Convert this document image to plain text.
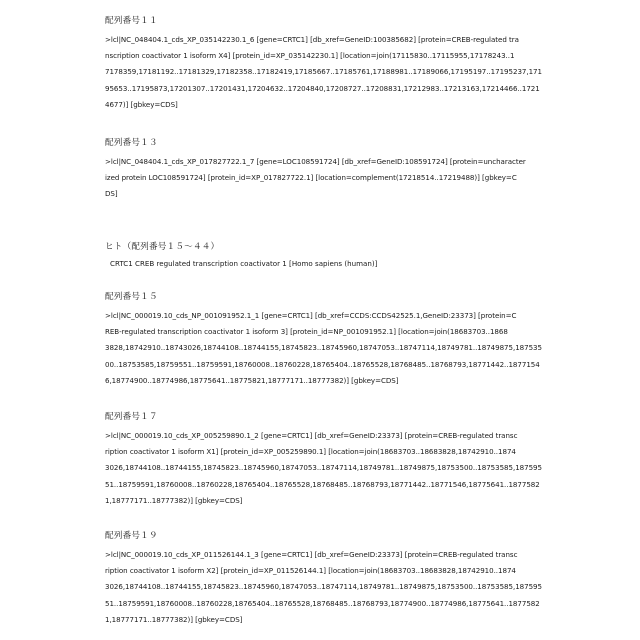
配列番号１１
>lcl|NC_048404.1_cds_XP_035142230.1_6 [gene=CRTC1] [db_xref=GeneID:100385682] [protein=CREB-regulated tra
nscription coactivator 1 isoform X4] [protein_id=XP_035142230.1] [location=join(17115830..17115955,17178243..1
7178359,17181192..17181329,17182358..17182419,17185667..17185761,17188981..17189066,17195197..17195237,171
95653..17195873,17201307..17201431,17204632..17204840,17208727..17208831,17212983..17213163,17214466..1721
4677)] [gbkey=CDS]
配列番号１３
>lcl|NC_048404.1_cds_XP_017827722.1_7 [gene=LOC108591724] [db_xref=GeneID:108591724] [protein=uncharacter
ized protein LOC108591724] [protein_id=XP_017827722.1] [location=complement(17218514..17219488)] [gbkey=C
DS]
ヒト（配列番号１５～４４）
CRTC1 CREB regulated transcription coactivator 1 [Homo sapiens (human)]
配列番号１５
>lcl|NC_000019.10_cds_NP_001091952.1_1 [gene=CRTC1] [db_xref=CCDS:CCDS42525.1,GeneID:23373] [protein=C
REB-regulated transcription coactivator 1 isoform 3] [protein_id=NP_001091952.1] [location=join(18683703..1868
3828,18742910..18743026,18744108..18744155,18745823..18745960,18747053..18747114,18749781..18749875,187535
00..18753585,18759551..18759591,18760008..18760228,18765404..18765528,18768485..18768793,18771442..1877154
6,18774900..18774986,18775641..18775821,18777171..18777382)] [gbkey=CDS]
配列番号１７
>lcl|NC_000019.10_cds_XP_005259890.1_2 [gene=CRTC1] [db_xref=GeneID:23373] [protein=CREB-regulated transc
ription coactivator 1 isoform X1] [protein_id=XP_005259890.1] [location=join(18683703..18683828,18742910..1874
3026,18744108..18744155,18745823..18745960,18747053..18747114,18749781..18749875,18753500..18753585,187595
51..18759591,18760008..18760228,18765404..18765528,18768485..18768793,18771442..18771546,18775641..1877582
1,18777171..18777382)] [gbkey=CDS]
配列番号１９
>lcl|NC_000019.10_cds_XP_011526144.1_3 [gene=CRTC1] [db_xref=GeneID:23373] [protein=CREB-regulated transc
ription coactivator 1 isoform X2] [protein_id=XP_011526144.1] [location=join(18683703..18683828,18742910..1874
3026,18744108..18744155,18745823..18745960,18747053..18747114,18749781..18749875,18753500..18753585,187595
51..18759591,18760008..18760228,18765404..18765528,18768485..18768793,18774900..18774986,18775641..1877582
1,18777171..18777382)] [gbkey=CDS]
